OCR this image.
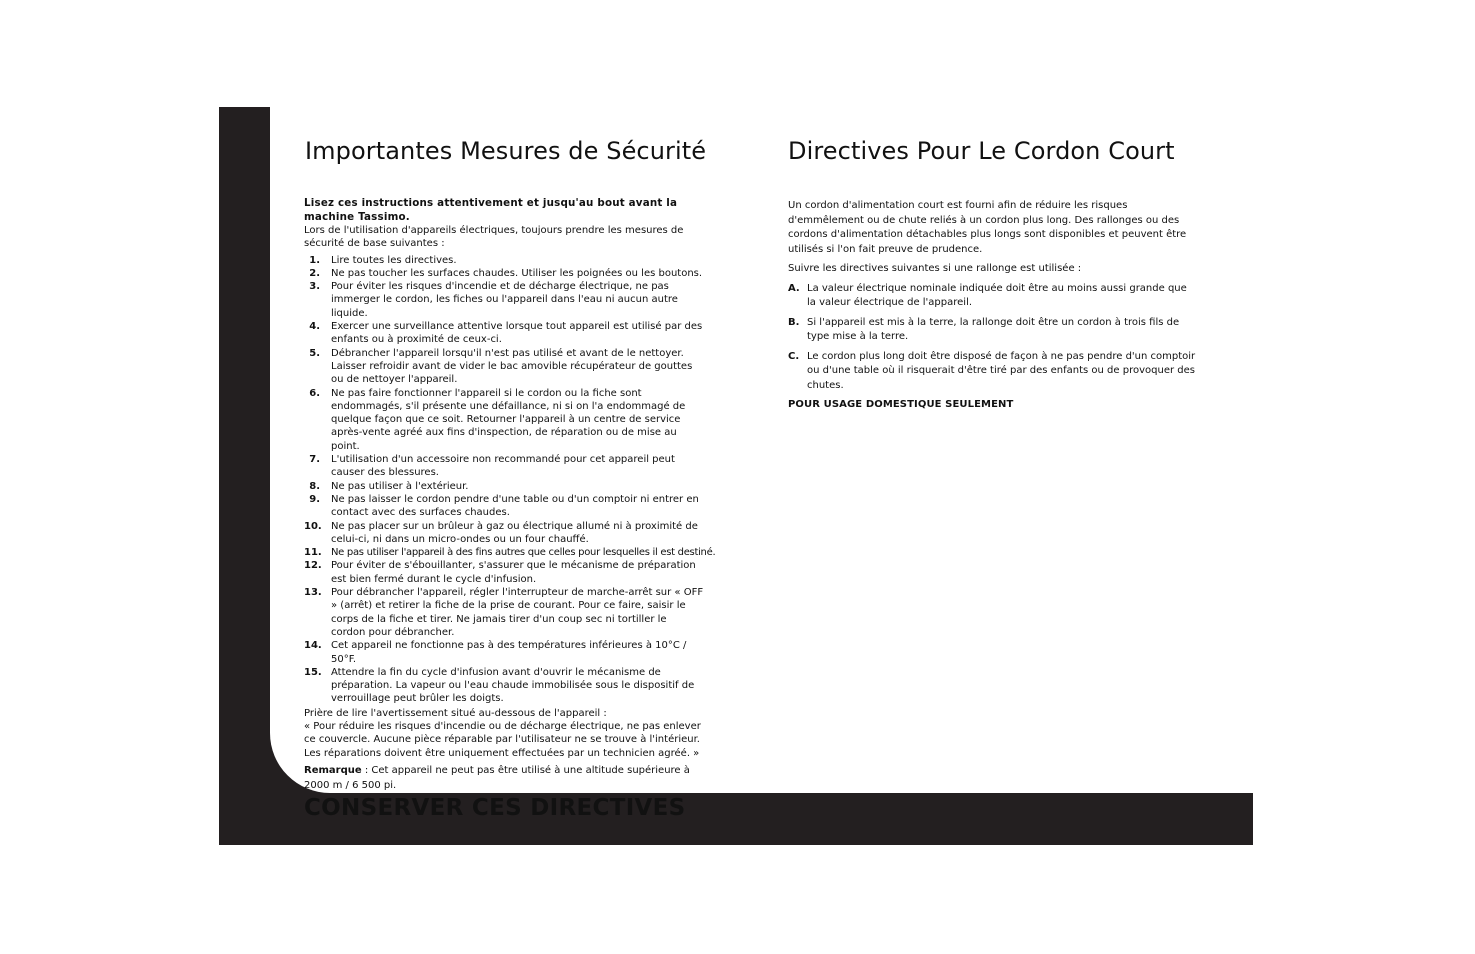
Importantes Mesures de Sécurité	Directives Pour Le Cordon Court
Lisez ces instructions attentivement et jusqu'au bout avant la machine Tassimo.
Lors de l'utilisation d'appareils électriques, toujours prendre les mesures de sécurité de base suivantes :
1. Lire toutes les directives.
2. Ne pas toucher les surfaces chaudes. Utiliser les poignées ou les boutons.
3. Pour éviter les risques d'incendie et de décharge électrique, ne pas immerger le cordon, les fiches ou l'appareil dans l'eau ni aucun autre liquide.
4. Exercer une surveillance attentive lorsque tout appareil est utilisé par des enfants ou à proximité de ceux-ci.
5. Débrancher l'appareil lorsqu'il n'est pas utilisé et avant de le nettoyer. Laisser refroidir avant de vider le bac amovible récupérateur de gouttes ou de nettoyer l'appareil.
6. Ne pas faire fonctionner l'appareil si le cordon ou la fiche sont endommagés, s'il présente une défaillance, ni si on l'a endommagé de quelque façon que ce soit. Retourner l'appareil à un centre de service après-vente agréé aux fins d'inspection, de réparation ou de mise au point.
7. L'utilisation d'un accessoire non recommandé pour cet appareil peut causer des blessures.
8. Ne pas utiliser à l'extérieur.
9. Ne pas laisser le cordon pendre d'une table ou d'un comptoir ni entrer en contact avec des surfaces chaudes.
10. Ne pas placer sur un brûleur à gaz ou électrique allumé ni à proximité de celui-ci, ni dans un micro-ondes ou un four chauffé.
11. Ne pas utiliser l'appareil à des fins autres que celles pour lesquelles il est destiné.
12. Pour éviter de s'ébouillanter, s'assurer que le mécanisme de préparation est bien fermé durant le cycle d'infusion.
13. Pour débrancher l'appareil, régler l'interrupteur de marche-arrêt sur « OFF » (arrêt) et retirer la fiche de la prise de courant. Pour ce faire, saisir le corps de la fiche et tirer. Ne jamais tirer d'un coup sec ni tortiller le cordon pour débrancher.
14. Cet appareil ne fonctionne pas à des températures inférieures à 10°C / 50°F.
15. Attendre la fin du cycle d'infusion avant d'ouvrir le mécanisme de préparation. La vapeur ou l'eau chaude immobilisée sous le dispositif de verrouillage peut brûler les doigts.
Prière de lire l'avertissement situé au-dessous de l'appareil :
« Pour réduire les risques d'incendie ou de décharge électrique, ne pas enlever ce couvercle. Aucune pièce réparable par l'utilisateur ne se trouve à l'intérieur. Les réparations doivent être uniquement effectuées par un technicien agréé. »
Remarque : Cet appareil ne peut pas être utilisé à une altitude supérieure à 2000 m / 6 500 pi.
CONSERVER CES DIRECTIVES

Un cordon d'alimentation court est fourni afin de réduire les risques d'emmêlement ou de chute reliés à un cordon plus long. Des rallonges ou des cordons d'alimentation détachables plus longs sont disponibles et peuvent être utilisés si l'on fait preuve de prudence.

Suivre les directives suivantes si une rallonge est utilisée :

A. La valeur électrique nominale indiquée doit être au moins aussi grande que la valeur électrique de l'appareil.
B. Si l'appareil est mis à la terre, la rallonge doit être un cordon à trois fils de type mise à la terre.
C. Le cordon plus long doit être disposé de façon à ne pas pendre d'un comptoir ou d'une table où il risquerait d'être tiré par des enfants ou de provoquer des chutes.
POUR USAGE DOMESTIQUE SEULEMENT
